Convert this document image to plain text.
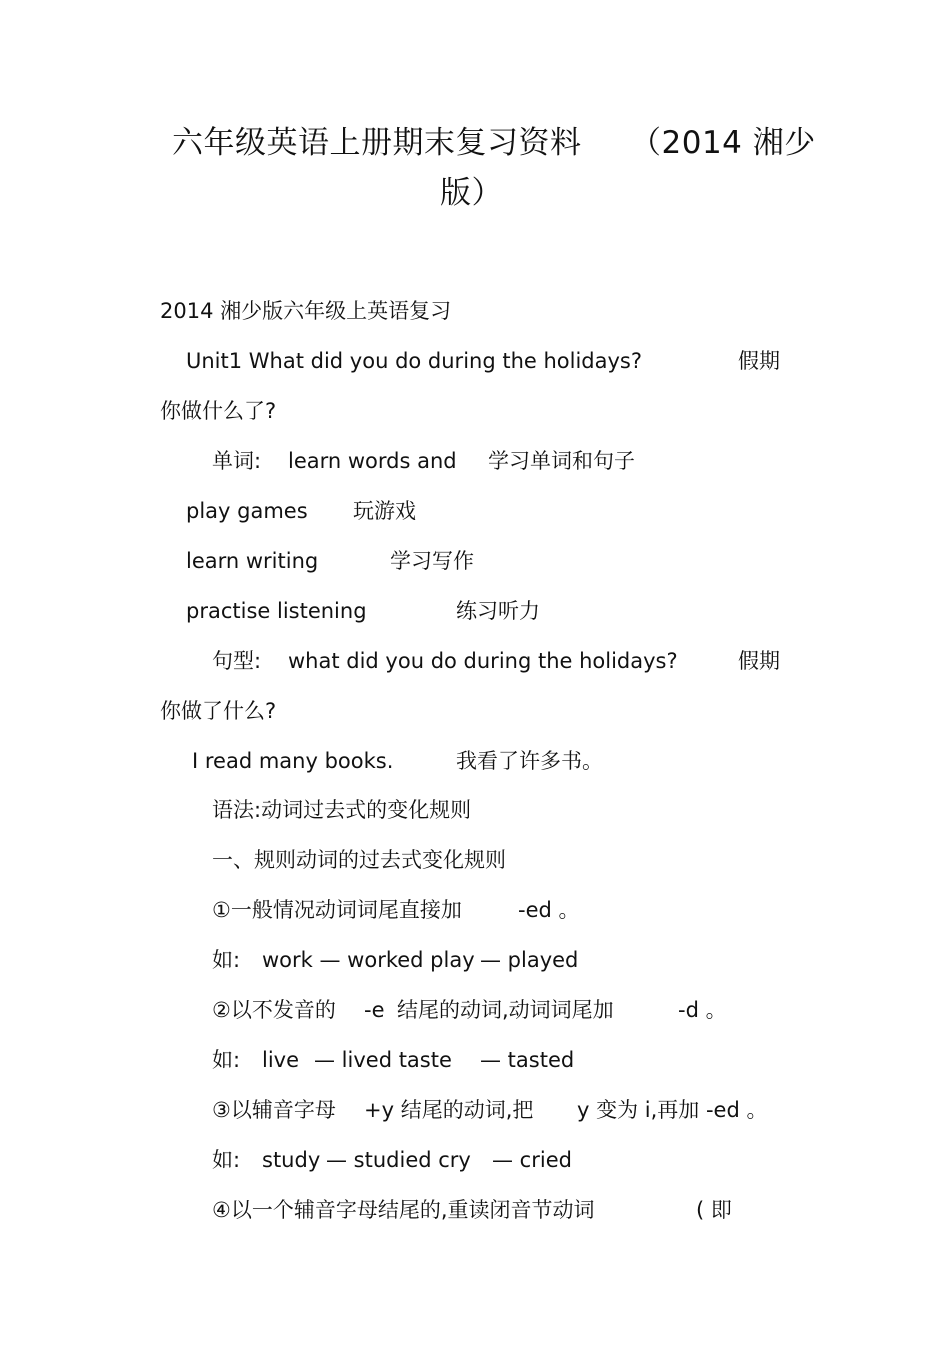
六年级英语上册期末复习资料 （2014 湘少
版）
2014 湘少版六年级上英语复习
Unit1 What did you do during the holidays?	假期
你做什么了?
单词: learn words and 学习单词和句子
play games 玩游戏
learn writing	学习写作
practise listening	练习听力
句型: what did you do during the holidays?	假期
你做了什么?
I read many books.	我看了许多书。
语法:动词过去式的变化规则
一、规则动词的过去式变化规则
①一般情况动词词尾直接加	-ed 。
如: work — worked play — played
②以不发音的 -e 结尾的动词,动词词尾加	-d 。
如: live — lived taste — tasted
③以辅音字母 +y 结尾的动词,把 y 变为 i,再加 -ed 。
如: study — studied cry — cried
④以一个辅音字母结尾的,重读闭音节动词	( 即
